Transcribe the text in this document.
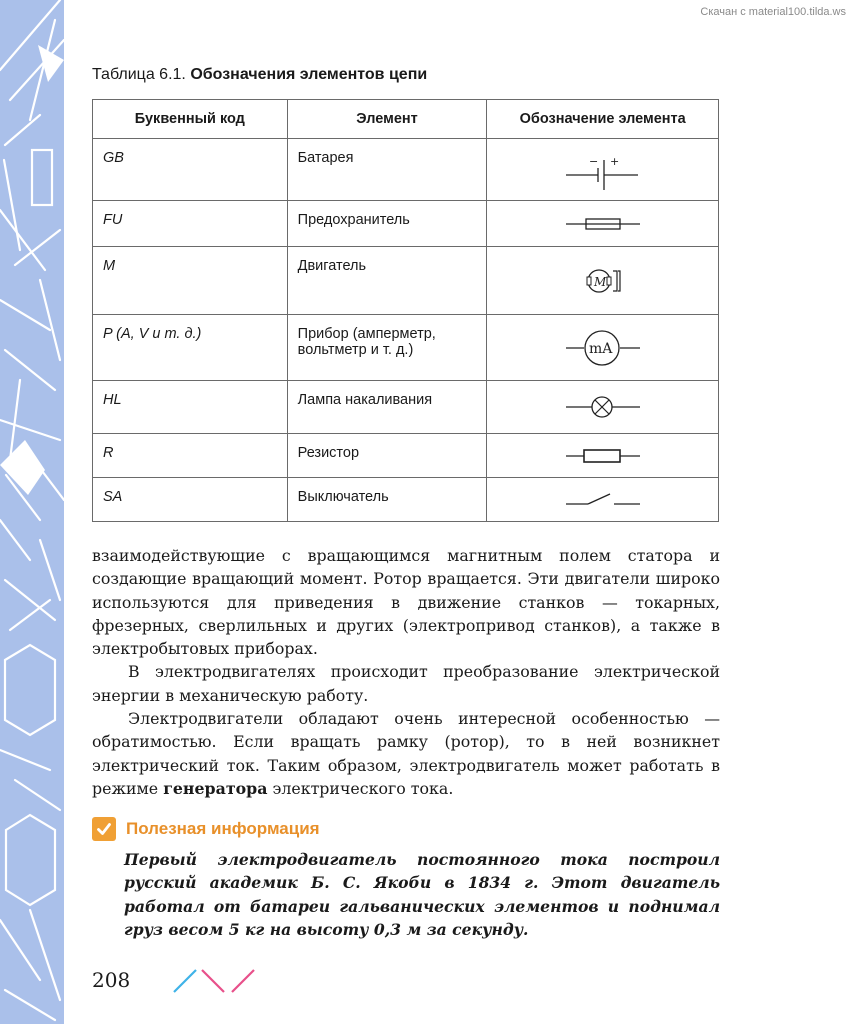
Скачан с material100.tilda.ws
Таблица 6.1. Обозначения элементов цепи
Буквенный код	Элемент	Обозначение элемента
GB	Батарея	− +

FU	Предохранитель	

M	Двигатель	M

P (A, V и т. д.)	Прибор (амперметр, вольтметр и т. д.)	mA

HL	Лампа накаливания	

R	Резистор	

SA	Выключатель	

взаимодействующие с вращающимся магнитным полем статора и создающие вращающий момент. Ротор вращается. Эти двигатели широко используются для приведения в движение станков — токарных, фрезерных, сверлильных и других (электропривод станков), а также в электробытовых приборах.

В электродвигателях происходит преобразование электрической энергии в механическую работу.

Электродвигатели обладают очень интересной особенностью — обратимостью. Если вращать рамку (ротор), то в ней возникнет электрический ток. Таким образом, электродвигатель может работать в режиме генератора электрического тока.

Полезная информация
Первый электродвигатель постоянного тока построил русский академик Б. С. Якоби в 1834 г. Этот двигатель работал от батареи гальванических элементов и поднимал груз весом 5 кг на высоту 0,3 м за секунду.
208
